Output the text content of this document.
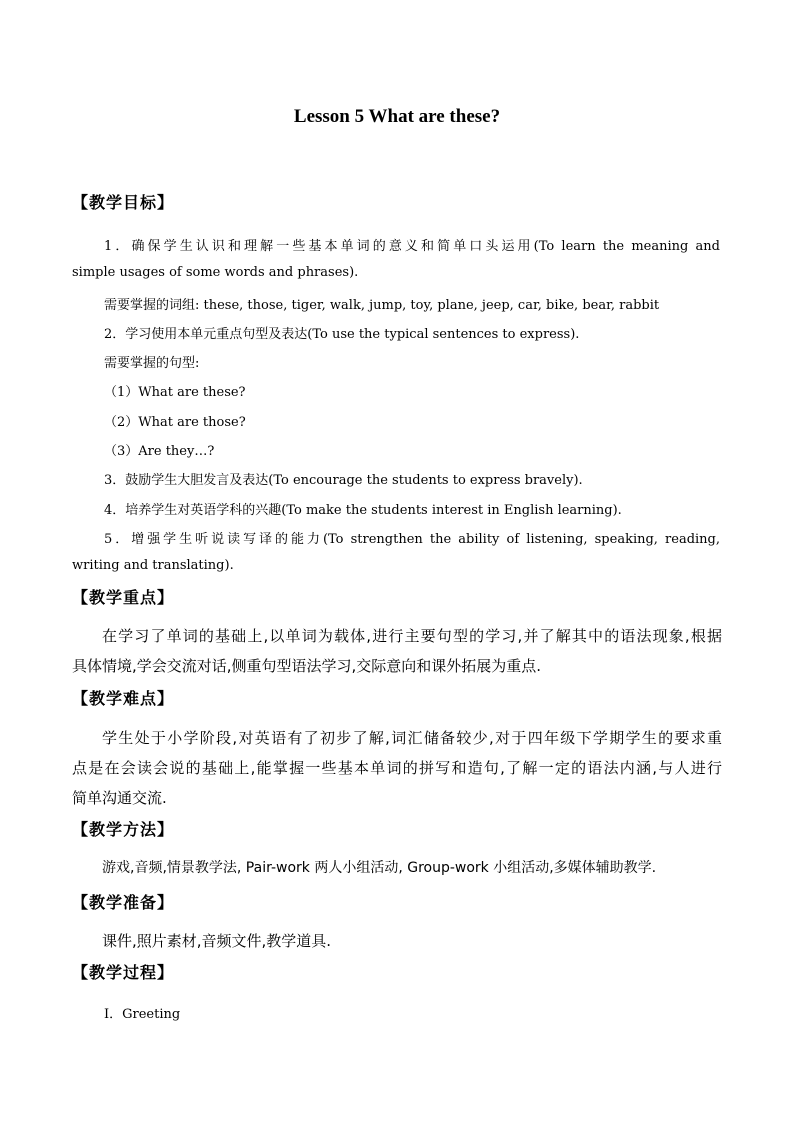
Lesson 5 What are these?
【教学目标】
1．确保学生认识和理解一些基本单词的意义和简单口头运用(To learn the meaning and
simple usages of some words and phrases).
需要掌握的词组: these, those, tiger, walk, jump, toy, plane, jeep, car, bike, bear, rabbit
2．学习使用本单元重点句型及表达(To use the typical sentences to express).
需要掌握的句型:
（1）What are these?
（2）What are those?
（3）Are they…?
3．鼓励学生大胆发言及表达(To encourage the students to express bravely).
4．培养学生对英语学科的兴趣(To make the students interest in English learning).
5．增强学生听说读写译的能力(To strengthen the ability of listening, speaking, reading,
writing and translating).
【教学重点】
在学习了单词的基础上,以单词为载体,进行主要句型的学习,并了解其中的语法现象,根据
具体情境,学会交流对话,侧重句型语法学习,交际意向和课外拓展为重点.
【教学难点】
学生处于小学阶段,对英语有了初步了解,词汇储备较少,对于四年级下学期学生的要求重
点是在会读会说的基础上,能掌握一些基本单词的拼写和造句,了解一定的语法内涵,与人进行
简单沟通交流.
【教学方法】
游戏,音频,情景教学法, Pair-work 两人小组活动, Group-work 小组活动,多媒体辅助教学.
【教学准备】
课件,照片素材,音频文件,教学道具.
【教学过程】
Ⅰ．Greeting
